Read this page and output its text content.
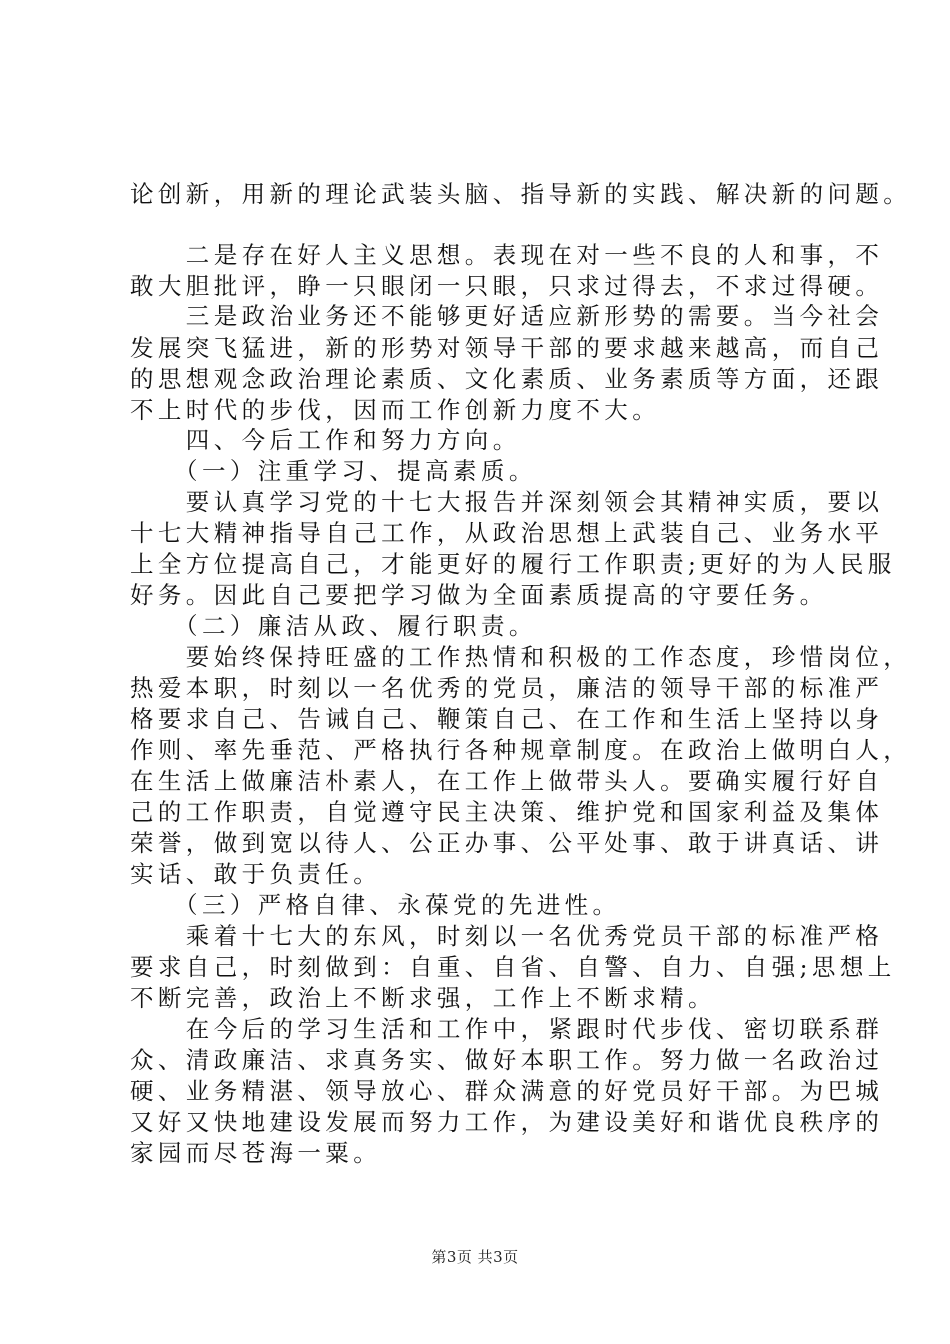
论创新，用新的理论武装头脑、指导新的实践、解决新的问题。
　　二是存在好人主义思想。表现在对一些不良的人和事，不
敢大胆批评，睁一只眼闭一只眼，只求过得去，不求过得硬。
　　三是政治业务还不能够更好适应新形势的需要。当今社会
发展突飞猛进，新的形势对领导干部的要求越来越高，而自己
的思想观念政治理论素质、文化素质、业务素质等方面，还跟
不上时代的步伐，因而工作创新力度不大。
　　四、今后工作和努力方向。
　　（一）注重学习、提高素质。
　　要认真学习党的十七大报告并深刻领会其精神实质，要以
十七大精神指导自己工作，从政治思想上武装自己、业务水平
上全方位提高自己，才能更好的履行工作职责;更好的为人民服
好务。因此自己要把学习做为全面素质提高的守要任务。
　　（二）廉洁从政、履行职责。
　　要始终保持旺盛的工作热情和积极的工作态度，珍惜岗位，
热爱本职，时刻以一名优秀的党员，廉洁的领导干部的标准严
格要求自己、告诫自己、鞭策自己、在工作和生活上坚持以身
作则、率先垂范、严格执行各种规章制度。在政治上做明白人，
在生活上做廉洁朴素人，在工作上做带头人。要确实履行好自
己的工作职责，自觉遵守民主决策、维护党和国家利益及集体
荣誉，做到宽以待人、公正办事、公平处事、敢于讲真话、讲
实话、敢于负责任。
　　（三）严格自律、永葆党的先进性。
　　乘着十七大的东风，时刻以一名优秀党员干部的标准严格
要求自己，时刻做到：自重、自省、自警、自力、自强;思想上
不断完善，政治上不断求强，工作上不断求精。
　　在今后的学习生活和工作中，紧跟时代步伐、密切联系群
众、清政廉洁、求真务实、做好本职工作。努力做一名政治过
硬、业务精湛、领导放心、群众满意的好党员好干部。为巴城
又好又快地建设发展而努力工作，为建设美好和谐优良秩序的
家园而尽苍海一粟。
第3页 共3页
